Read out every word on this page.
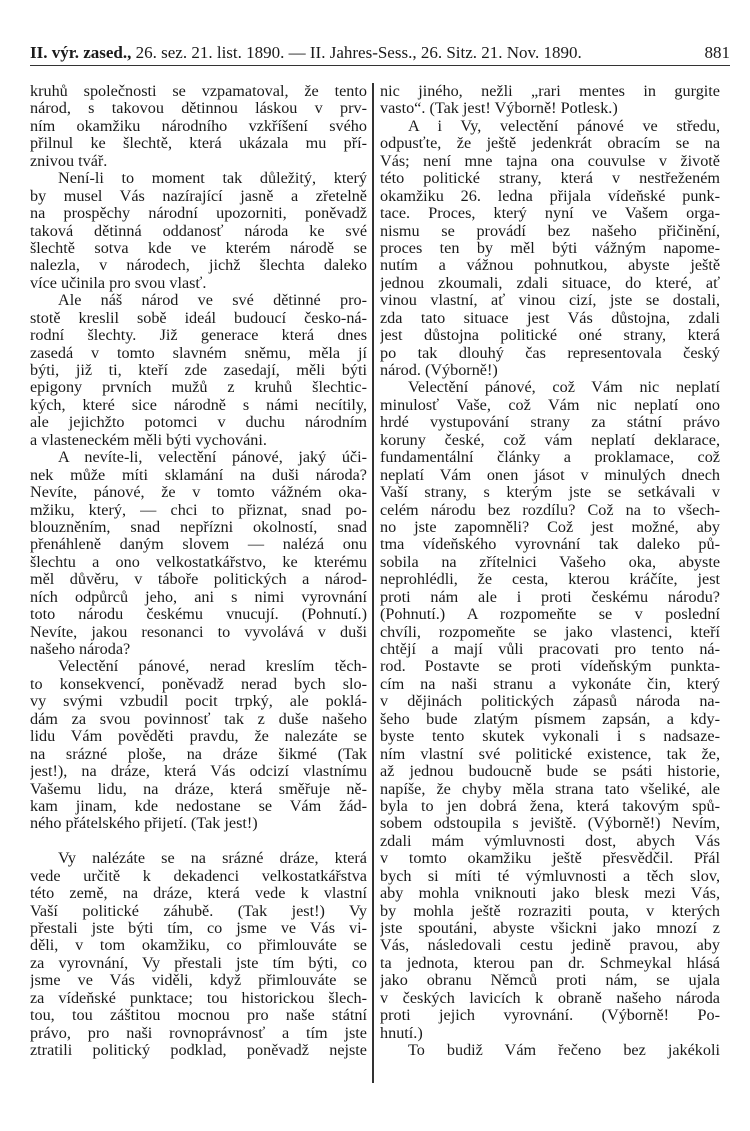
II. výr. zased., 26. sez. 21. list. 1890. — II. Jahres-Sess., 26. Sitz. 21. Nov. 1890.	881
kruhů společnosti se vzpamatoval, že tento
národ, s takovou dětinnou láskou v prv-
ním okamžiku národního vzkříšení svého
přilnul ke šlechtě, která ukázala mu pří-
znivou tvář.
Není-li to moment tak důležitý, který
by musel Vás nazírající jasně a zřetelně
na prospěchy národní upozorniti, poněvadž
taková dětinná oddanosť národa ke své
šlechtě sotva kde ve kterém národě se
nalezla, v národech, jichž šlechta daleko
více učinila pro svou vlasť.
Ale náš národ ve své dětinné pro-
stotě kreslil sobě ideál budoucí česko-ná-
rodní šlechty. Již generace která dnes
zasedá v tomto slavném sněmu, měla jí
býti, již ti, kteří zde zasedají, měli býti
epigony prvních mužů z kruhů šlechtic-
kých, které sice národně s námi necítily,
ale jejichžto potomci v duchu národním
a vlasteneckém měli býti vychováni.
A nevíte-li, velectění pánové, jaký úči-
nek může míti sklamání na duši národa?
Nevíte, pánové, že v tomto vážném oka-
mžiku, který, — chci to přiznat, snad po-
blouzněním, snad nepřízni okolností, snad
přenáhleně daným slovem — nalézá onu
šlechtu a ono velkostatkářstvo, ke kterému
měl důvěru, v táboře politických a národ-
ních odpůrců jeho, ani s nimi vyrovnání
toto národu českému vnucují. (Pohnutí.)
Nevíte, jakou resonanci to vyvolává v duši
našeho národa?
Velectění pánové, nerad kreslím těch-
to konsekvencí, poněvadž nerad bych slo-
vy svými vzbudil pocit trpký, ale poklá-
dám za svou povinnosť tak z duše našeho
lidu Vám pověděti pravdu, že nalezáte se
na srázné ploše, na dráze šikmé (Tak
jest!), na dráze, která Vás odcizí vlastnímu
Vašemu lidu, na dráze, která směřuje ně-
kam jinam, kde nedostane se Vám žád-
ného přátelského přijetí. (Tak jest!)
Vy nalézáte se na srázné dráze, která
vede určitě k dekadenci velkostatkářstva
této země, na dráze, která vede k vlastní
Vaší politické záhubě. (Tak jest!) Vy
přestali jste býti tím, co jsme ve Vás vi-
děli, v tom okamžiku, co přimlouváte se
za vyrovnání, Vy přestali jste tím býti, co
jsme ve Vás viděli, když přimlouváte se
za vídeňské punktace; tou historickou šlech-
tou, tou záštitou mocnou pro naše státní
právo, pro naši rovnoprávnosť a tím jste
ztratili politický podklad, poněvadž nejste
nic jiného, nežli „rari mentes in gurgite
vasto“. (Tak jest! Výborně! Potlesk.)
A i Vy, velectění pánové ve středu,
odpusťte, že ještě jedenkrát obracím se na
Vás; není mne tajna ona couvulse v životě
této politické strany, která v nestřeženém
okamžiku 26. ledna přijala vídeňské punk-
tace. Proces, který nyní ve Vašem orga-
nismu se provádí bez našeho přičinění,
proces ten by měl býti vážným napome-
nutím a vážnou pohnutkou, abyste ještě
jednou zkoumali, zdali situace, do které, ať
vinou vlastní, ať vinou cizí, jste se dostali,
zda tato situace jest Vás důstojna, zdali
jest důstojna politické oné strany, která
po tak dlouhý čas representovala český
národ. (Výborně!)
Velectění pánové, což Vám nic neplatí
minulosť Vaše, což Vám nic neplatí ono
hrdé vystupování strany za státní právo
koruny české, což vám neplatí deklarace,
fundamentální články a proklamace, což
neplatí Vám onen jásot v minulých dnech
Vaší strany, s kterým jste se setkávali v
celém národu bez rozdílu? Což na to všech-
no jste zapomněli? Což jest možné, aby
tma vídeňského vyrovnání tak daleko pů-
sobila na zřítelnici Vašeho oka, abyste
neprohlédli, že cesta, kterou kráčíte, jest
proti nám ale i proti českému národu?
(Pohnutí.) A rozpomeňte se v poslední
chvíli, rozpomeňte se jako vlastenci, kteří
chtějí a mají vůli pracovati pro tento ná-
rod. Postavte se proti vídeňským punkta-
cím na naši stranu a vykonáte čin, který
v dějinách politických zápasů národa na-
šeho bude zlatým písmem zapsán, a kdy-
byste tento skutek vykonali i s nadsaze-
ním vlastní své politické existence, tak že,
až jednou budoucně bude se psáti historie,
napíše, že chyby měla strana tato všeliké, ale
byla to jen dobrá žena, která takovým spů-
sobem odstoupila s jeviště. (Výborně!) Nevím,
zdali mám výmluvnosti dost, abych Vás
v tomto okamžiku ještě přesvědčil. Přál
bych si míti té výmluvnosti a těch slov,
aby mohla vniknouti jako blesk mezi Vás,
by mohla ještě rozraziti pouta, v kterých
jste spoutáni, abyste všickni jako mnozí z
Vás, následovali cestu jedině pravou, aby
ta jednota, kterou pan dr. Schmeykal hlásá
jako obranu Němců proti nám, se ujala
v českých lavicích k obraně našeho národa
proti jejich vyrovnání. (Výborně! Po-
hnutí.)
To budiž Vám řečeno bez jakékoli
